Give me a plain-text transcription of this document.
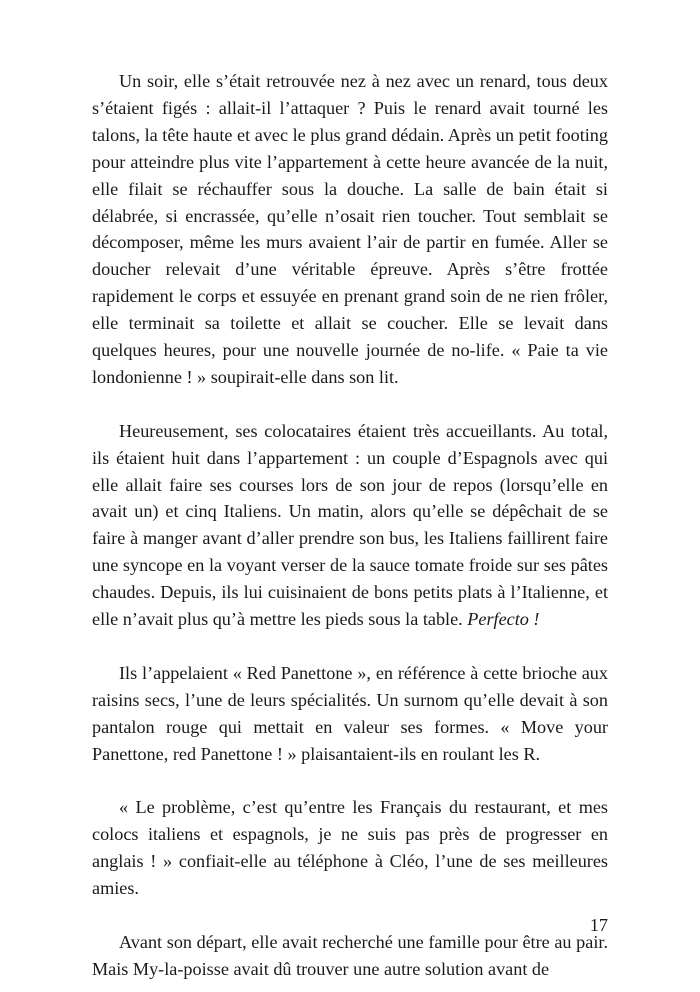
Un soir, elle s’était retrouvée nez à nez avec un renard, tous deux s’étaient figés : allait-il l’attaquer ? Puis le renard avait tourné les talons, la tête haute et avec le plus grand dédain. Après un petit footing pour atteindre plus vite l’appartement à cette heure avancée de la nuit, elle filait se réchauffer sous la douche. La salle de bain était si délabrée, si encrassée, qu’elle n’osait rien toucher. Tout semblait se décomposer, même les murs avaient l’air de partir en fumée. Aller se doucher relevait d’une véritable épreuve. Après s’être frottée rapidement le corps et essuyée en prenant grand soin de ne rien frôler, elle terminait sa toilette et allait se coucher. Elle se levait dans quelques heures, pour une nouvelle journée de no-life. « Paie ta vie londonienne ! » soupirait-elle dans son lit.

Heureusement, ses colocataires étaient très accueillants. Au total, ils étaient huit dans l’appartement : un couple d’Espagnols avec qui elle allait faire ses courses lors de son jour de repos (lorsqu’elle en avait un) et cinq Italiens. Un matin, alors qu’elle se dépêchait de se faire à manger avant d’aller prendre son bus, les Italiens faillirent faire une syncope en la voyant verser de la sauce tomate froide sur ses pâtes chaudes. Depuis, ils lui cuisinaient de bons petits plats à l’Italienne, et elle n’avait plus qu’à mettre les pieds sous la table. Perfecto !

Ils l’appelaient « Red Panettone », en référence à cette brioche aux raisins secs, l’une de leurs spécialités. Un surnom qu’elle devait à son pantalon rouge qui mettait en valeur ses formes. « Move your Panettone, red Panettone ! » plaisantaient-ils en roulant les R.

« Le problème, c’est qu’entre les Français du restaurant, et mes colocs italiens et espagnols, je ne suis pas près de progresser en anglais ! » confiait-elle au téléphone à Cléo, l’une de ses meilleures amies.

Avant son départ, elle avait recherché une famille pour être au pair. Mais My-la-poisse avait dû trouver une autre solution avant de

17
